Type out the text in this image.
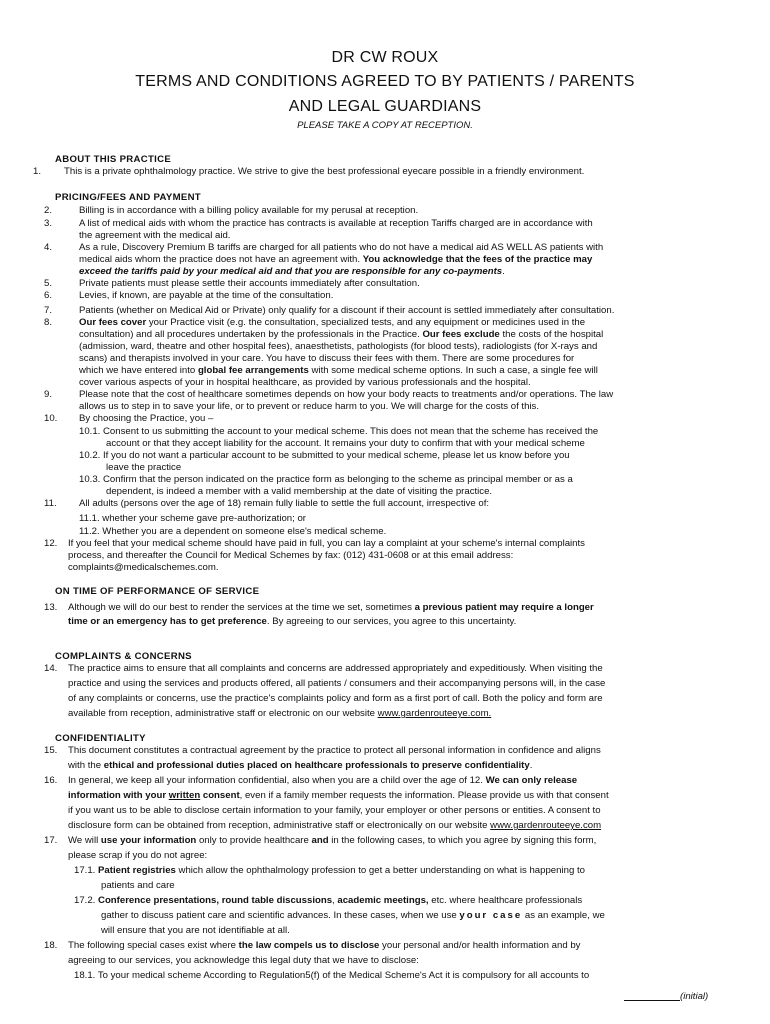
DR CW ROUX
TERMS AND CONDITIONS AGREED TO BY PATIENTS / PARENTS
AND LEGAL GUARDIANS
PLEASE TAKE A COPY AT RECEPTION.
ABOUT THIS PRACTICE
1. This is a private ophthalmology practice. We strive to give the best professional eyecare possible in a friendly environment.
PRICING/FEES AND PAYMENT
2.	Billing is in accordance with a billing policy available for my perusal at reception.
3.	A list of medical aids with whom the practice has contracts is available at reception Tariffs charged are in accordance with
the agreement with the medical aid.
4.	As a rule, Discovery Premium B tariffs are charged for all patients who do not have a medical aid AS WELL AS patients with
medical aids whom the practice does not have an agreement with. You acknowledge that the fees of the practice may
exceed the tariffs paid by your medical aid and that you are responsible for any co-payments.
5.	Private patients must please settle their accounts immediately after consultation.
6.	Levies, if known, are payable at the time of the consultation.
7.	Patients (whether on Medical Aid or Private) only qualify for a discount if their account is settled immediately after consultation.
8.	Our fees cover your Practice visit (e.g. the consultation, specialized tests, and any equipment or medicines used in the
consultation) and all procedures undertaken by the professionals in the Practice. Our fees exclude the costs of the hospital
(admission, ward, theatre and other hospital fees), anaesthetists, pathologists (for blood tests), radiologists (for X-rays and
scans) and therapists involved in your care. You have to discuss their fees with them. There are some procedures for
which we have entered into global fee arrangements with some medical scheme options. In such a case, a single fee will
cover various aspects of your in hospital healthcare, as provided by various professionals and the hospital.
9.	Please note that the cost of healthcare sometimes depends on how your body reacts to treatments and/or operations. The law
allows us to step in to save your life, or to prevent or reduce harm to you. We will charge for the costs of this.
10. By choosing the Practice, you –
10.1. Consent to us submitting the account to your medical scheme. This does not mean that the scheme has received the
account or that they accept liability for the account. It remains your duty to confirm that with your medical scheme
10.2. If you do not want a particular account to be submitted to your medical scheme, please let us know before you
leave the practice
10.3. Confirm that the person indicated on the practice form as belonging to the scheme as principal member or as a
dependent, is indeed a member with a valid membership at the date of visiting the practice.
11. All adults (persons over the age of 18) remain fully liable to settle the full account, irrespective of:
11.1. whether your scheme gave pre-authorization; or
11.2. Whether you are a dependent on someone else's medical scheme.
12. If you feel that your medical scheme should have paid in full, you can lay a complaint at your scheme's internal complaints
process, and thereafter the Council for Medical Schemes by fax: (012) 431-0608 or at this email address:
complaints@medicalschemes.com.
ON TIME OF PERFORMANCE OF SERVICE
13. Although we will do our best to render the services at the time we set, sometimes a previous patient may require a longer
time or an emergency has to get preference. By agreeing to our services, you agree to this uncertainty.
COMPLAINTS & CONCERNS
14. The practice aims to ensure that all complaints and concerns are addressed appropriately and expeditiously. When visiting the
practice and using the services and products offered, all patients / consumers and their accompanying persons will, in the case
of any complaints or concerns, use the practice's complaints policy and form as a first port of call. Both the policy and form are
available from reception, administrative staff or electronic on our website www.gardenrouteeye.com.
CONFIDENTIALITY
15. This document constitutes a contractual agreement by the practice to protect all personal information in confidence and aligns
with the ethical and professional duties placed on healthcare professionals to preserve confidentiality.
16. In general, we keep all your information confidential, also when you are a child over the age of 12. We can only release
information with your written consent, even if a family member requests the information. Please provide us with that consent
if you want us to be able to disclose certain information to your family, your employer or other persons or entities. A consent to
disclosure form can be obtained from reception, administrative staff or electronically on our website www.gardenrouteeye.com
17. We will use your information only to provide healthcare and in the following cases, to which you agree by signing this form,
please scrap if you do not agree:
17.1. Patient registries which allow the ophthalmology profession to get a better understanding on what is happening to
patients and care
17.2. Conference presentations, round table discussions, academic meetings, etc. where healthcare professionals
gather to discuss patient care and scientific advances. In these cases, when we use your case as an example, we
will ensure that you are not identifiable at all.
18. The following special cases exist where the law compels us to disclose your personal and/or health information and by
agreeing to our services, you acknowledge this legal duty that we have to disclose:
18.1. To your medical scheme According to Regulation5(f) of the Medical Scheme's Act it is compulsory for all accounts to
(initial)
